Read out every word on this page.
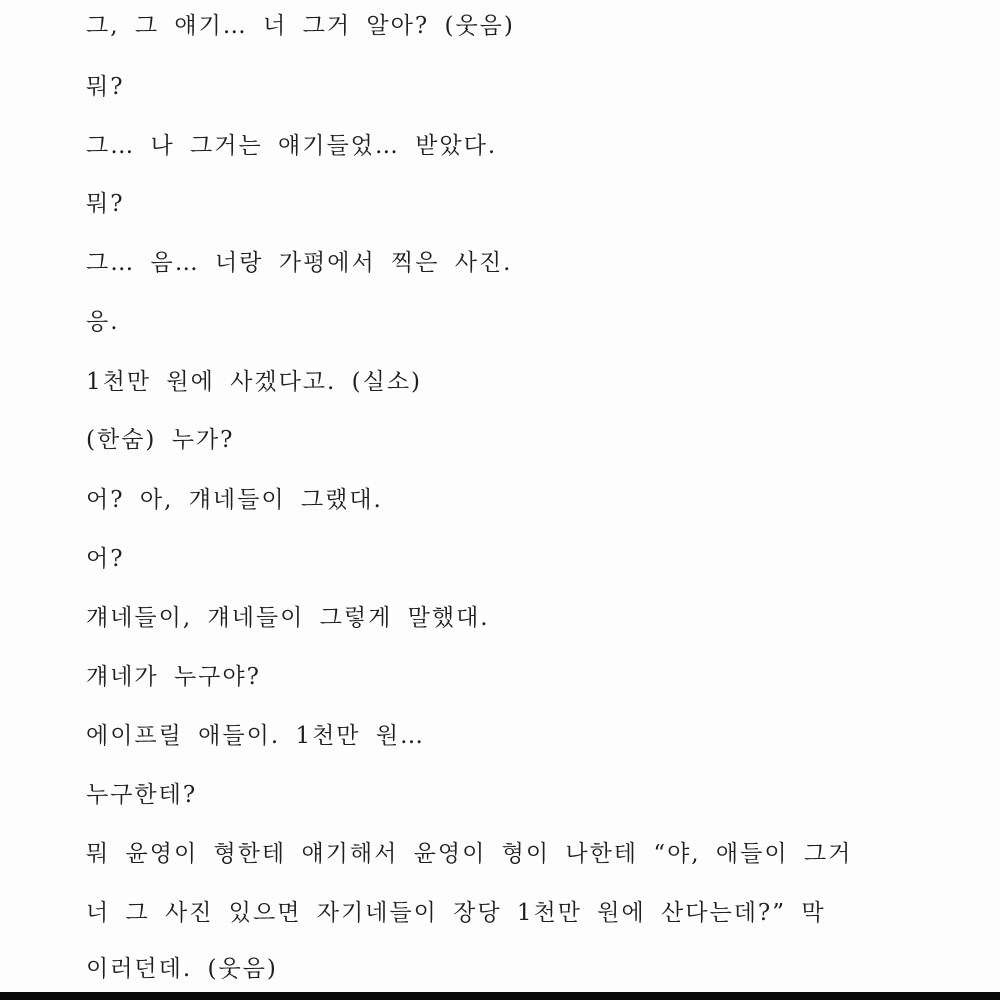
그, 그 얘기… 너 그거 알아? (웃음)
뭐?
그… 나 그거는 얘기들었… 받았다.
뭐?
그… 음… 너랑 가평에서 찍은 사진.
응.
1천만 원에 사겠다고. (실소)
(한숨) 누가?
어? 아, 걔네들이 그랬대.
어?
걔네들이, 걔네들이 그렇게 말했대.
걔네가 누구야?
에이프릴 애들이. 1천만 원…
누구한테?
뭐 윤영이 형한테 얘기해서 윤영이 형이 나한테 “야, 애들이 그거
너 그 사진 있으면 자기네들이 장당 1천만 원에 산다는데?” 막
이러던데. (웃음)
